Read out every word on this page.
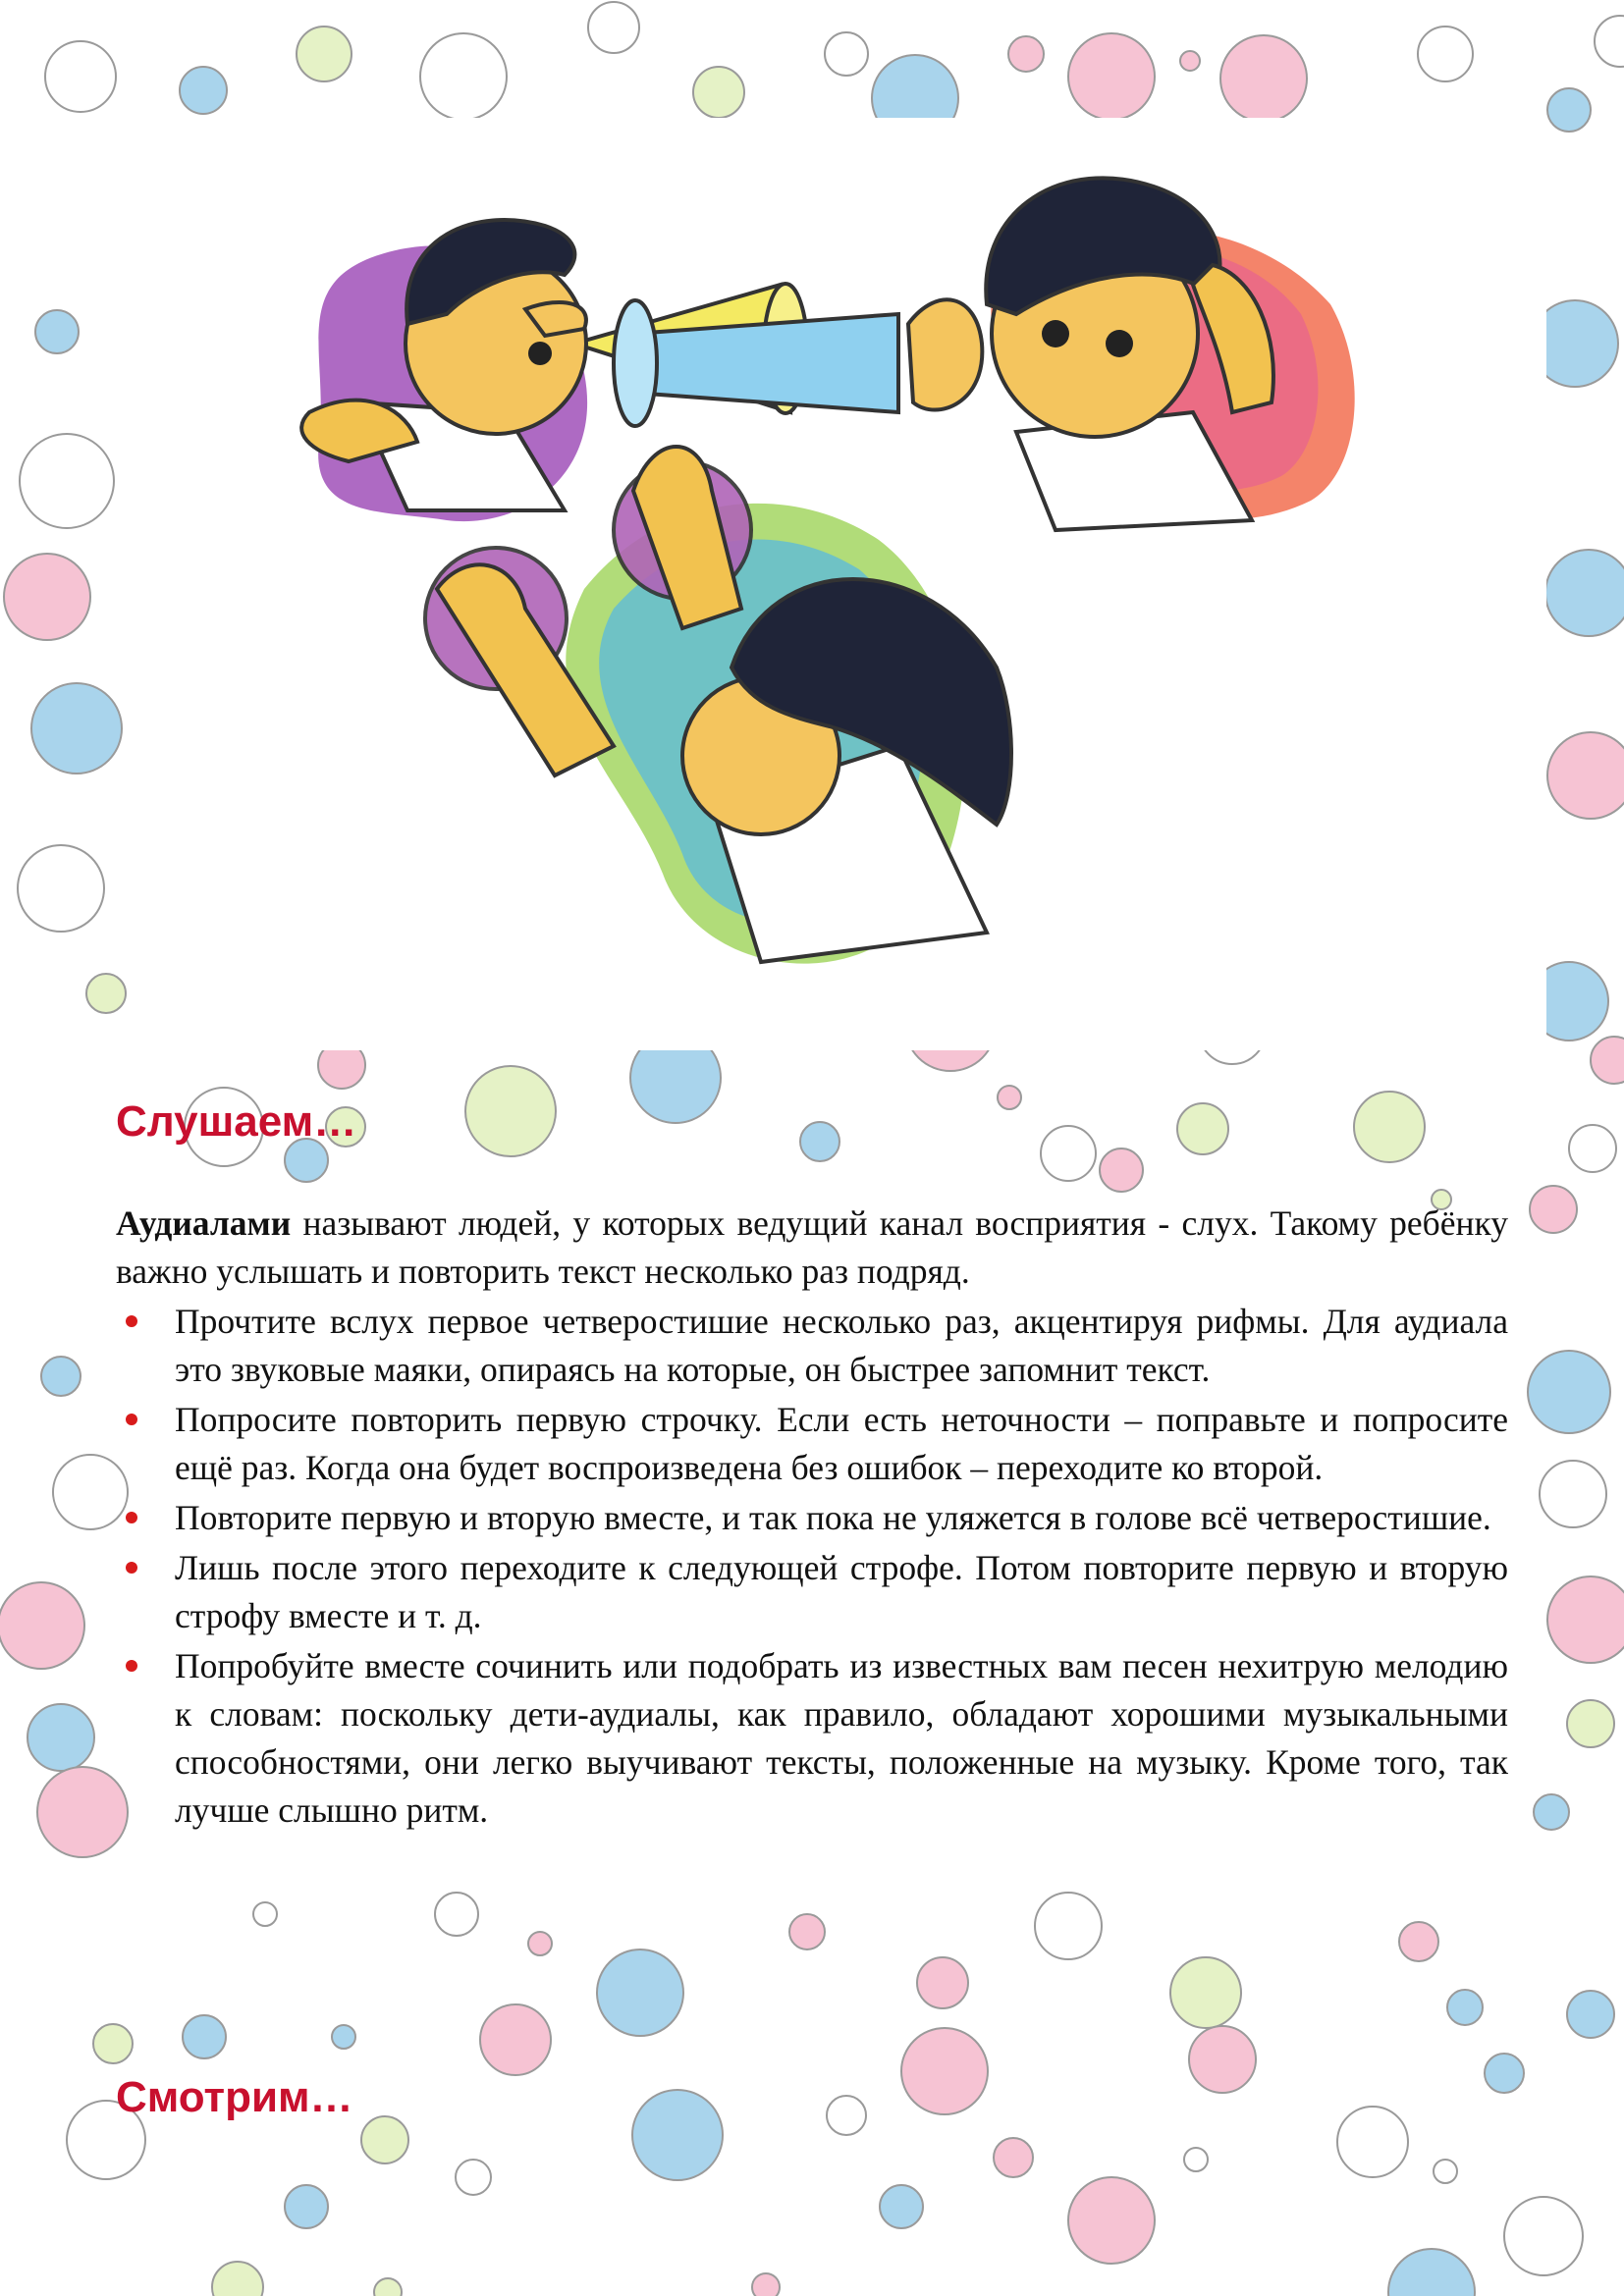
Слушаем…

Аудиалами называют людей, у которых ведущий канал восприятия - слух. Такому ребёнку важно услышать и повторить текст несколько раз подряд.

Прочтите вслух первое четверостишие несколько раз, акцентируя рифмы. Для аудиала это звуковые маяки, опираясь на которые, он быстрее запомнит текст.
Попросите повторить первую строчку. Если есть неточности – поправьте и попросите ещё раз. Когда она будет воспроизведена без ошибок – переходите ко второй.
Повторите первую и вторую вместе, и так пока не уляжется в голове всё четверостишие.
Лишь после этого переходите к следующей строфе. Потом повторите первую и вторую строфу вместе и т. д.
Попробуйте вместе сочинить или подобрать из известных вам песен нехитрую мелодию к словам: поскольку дети-аудиалы, как правило, обладают хорошими музыкальными способностями, они легко выучивают тексты, положенные на музыку. Кроме того, так лучше слышно ритм.
Смотрим…
